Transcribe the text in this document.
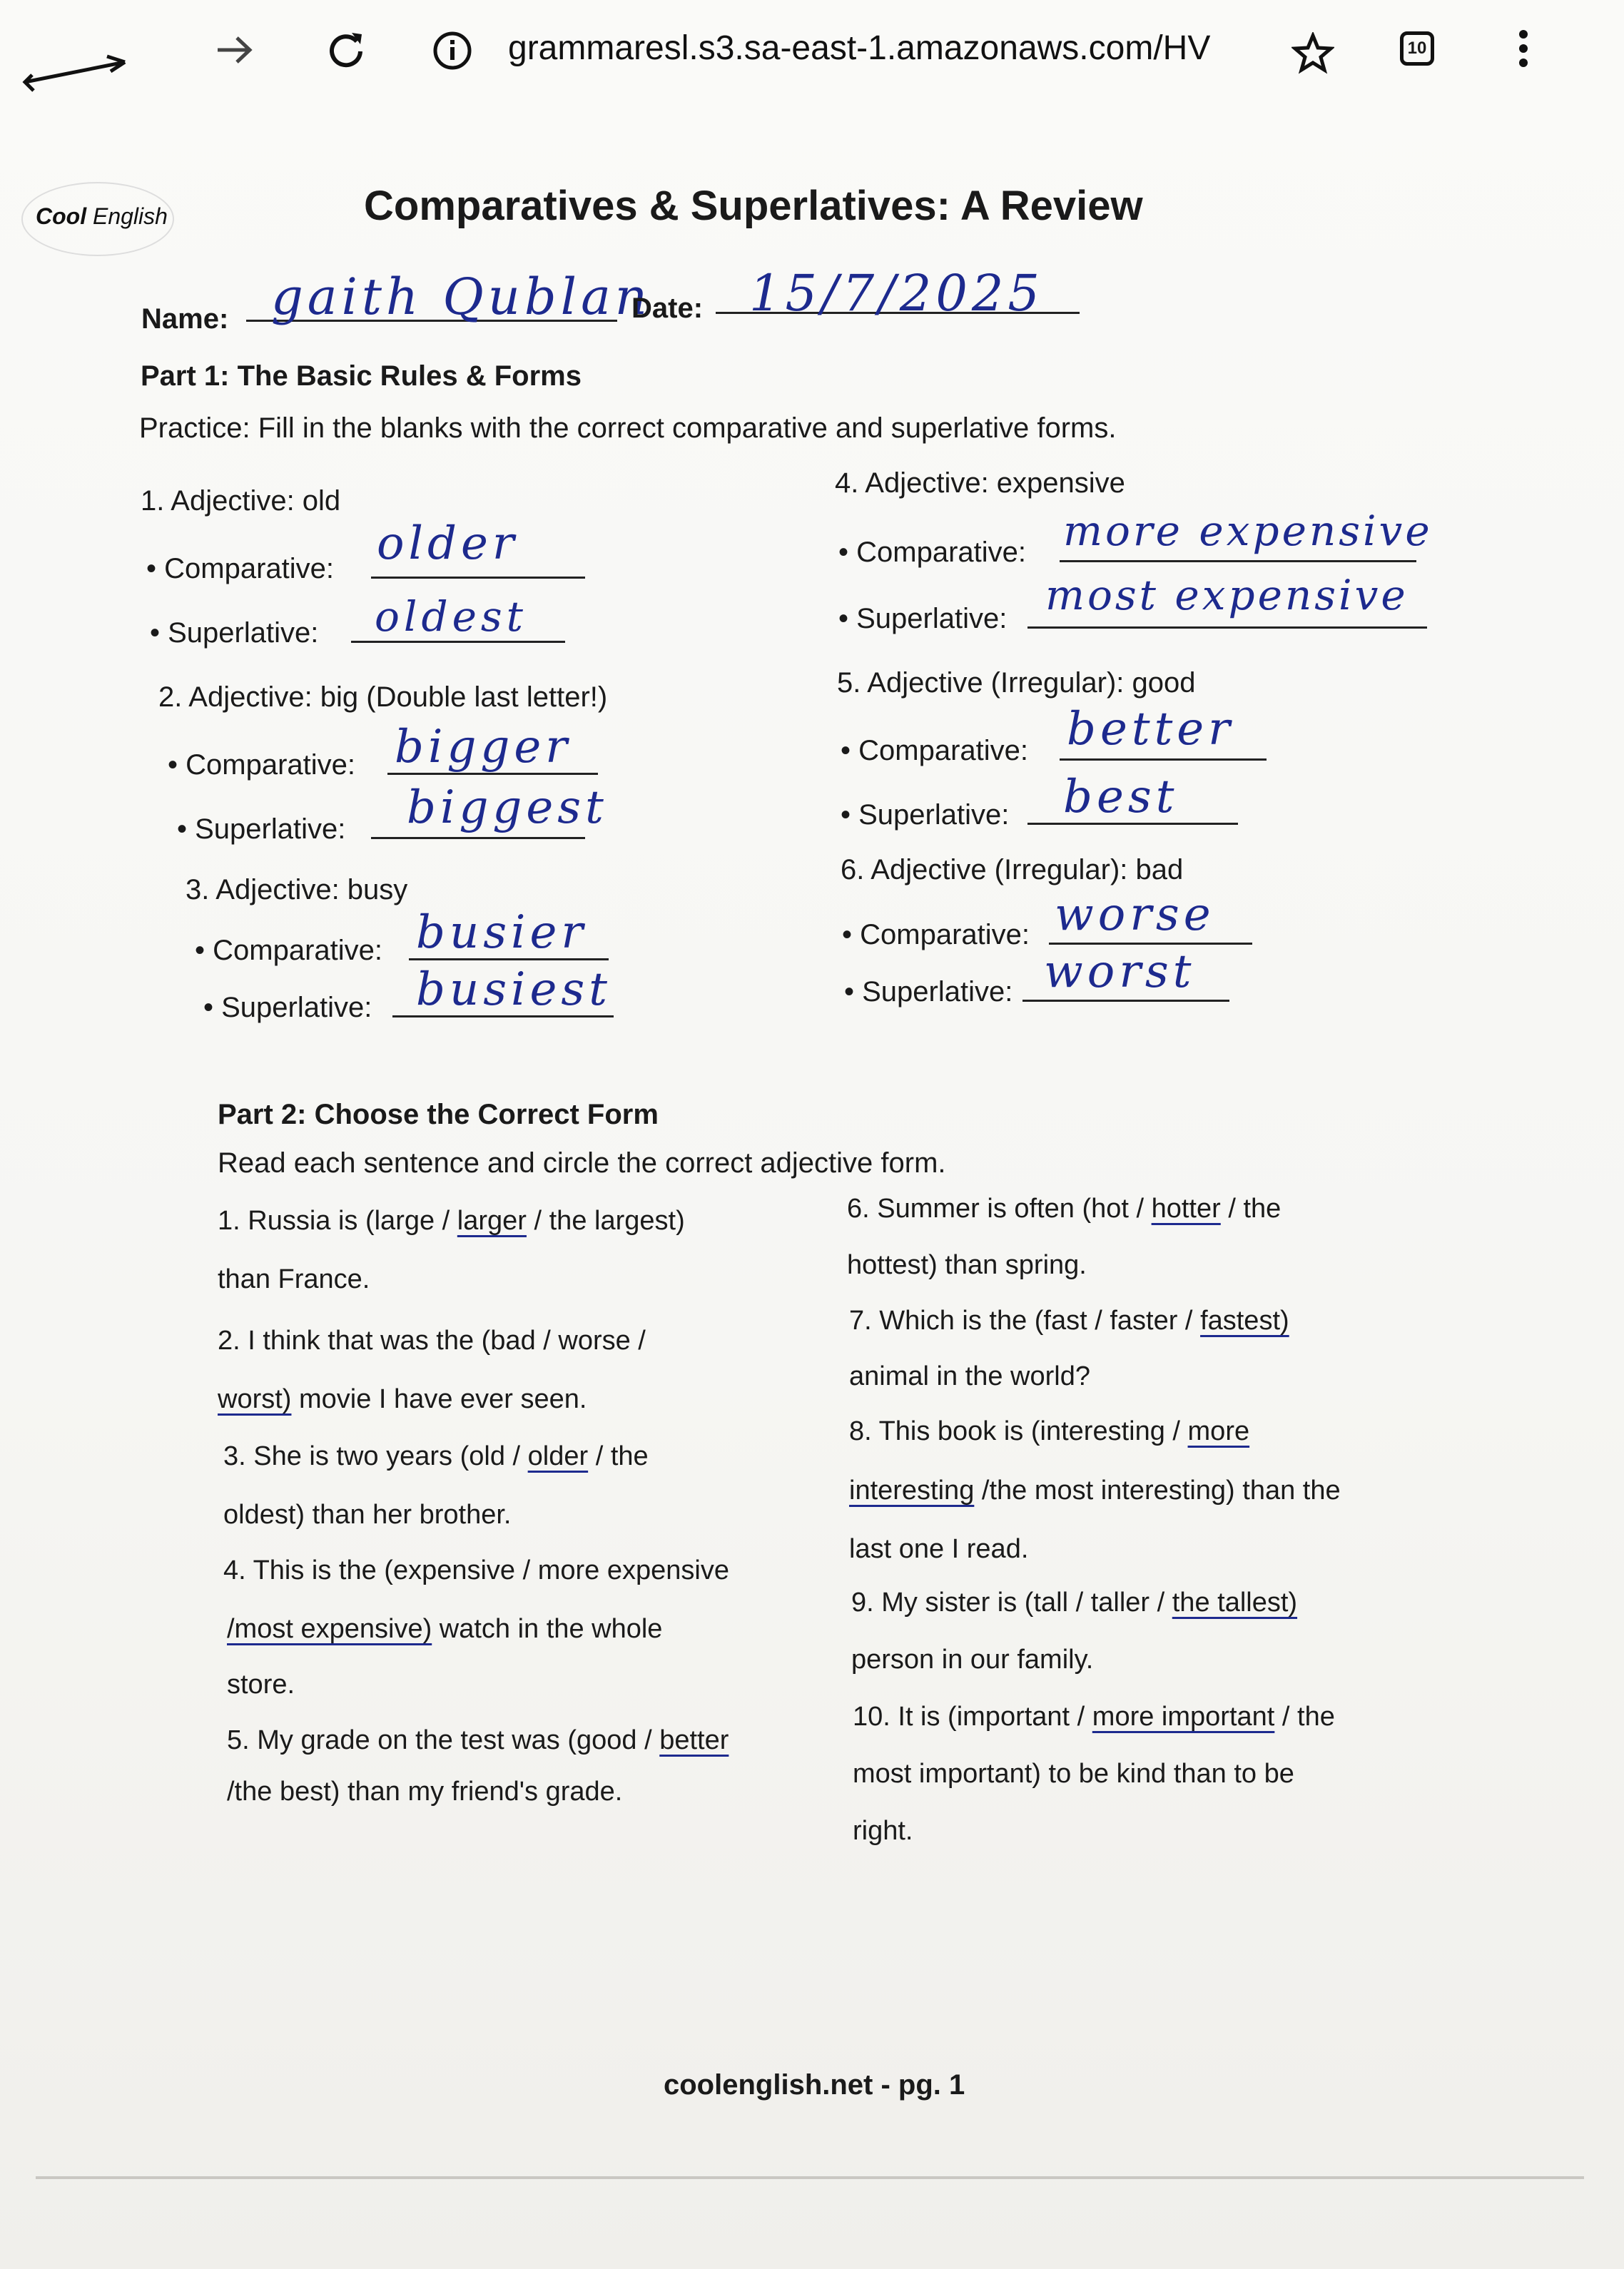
grammaresl.s3.sa-east-1.amazonaws.com/HV	10
Cool English	Comparatives & Superlatives: A Review
Name: gaith Qublan
Date: 15/7/2025
Part 1: The Basic Rules & Forms
Practice: Fill in the blanks with the correct comparative and superlative forms.
1. Adjective: old
• Comparative: older
• Superlative: oldest
2. Adjective: big (Double last letter!)
• Comparative: bigger
• Superlative: biggest
3. Adjective: busy
• Comparative: busier
• Superlative: busiest
4. Adjective: expensive
• Comparative: more expensive
• Superlative: most expensive
5. Adjective (Irregular): good
• Comparative: better
• Superlative: best
6. Adjective (Irregular): bad
• Comparative: worse
• Superlative: worst
Part 2: Choose the Correct Form
Read each sentence and circle the correct adjective form.
1. Russia is (large / larger / the largest)
than France.
2. I think that was the (bad / worse /
worst) movie I have ever seen.
3. She is two years (old / older / the
oldest) than her brother.
4. This is the (expensive / more expensive
/most expensive) watch in the whole
store.
5. My grade on the test was (good / better
/the best) than my friend's grade.
6. Summer is often (hot / hotter / the
hottest) than spring.
7. Which is the (fast / faster / fastest)
animal in the world?
8. This book is (interesting / more
interesting /the most interesting) than the
last one I read.
9. My sister is (tall / taller / the tallest)
person in our family.
10. It is (important / more important / the
most important) to be kind than to be
right.
coolenglish.net - pg. 1
